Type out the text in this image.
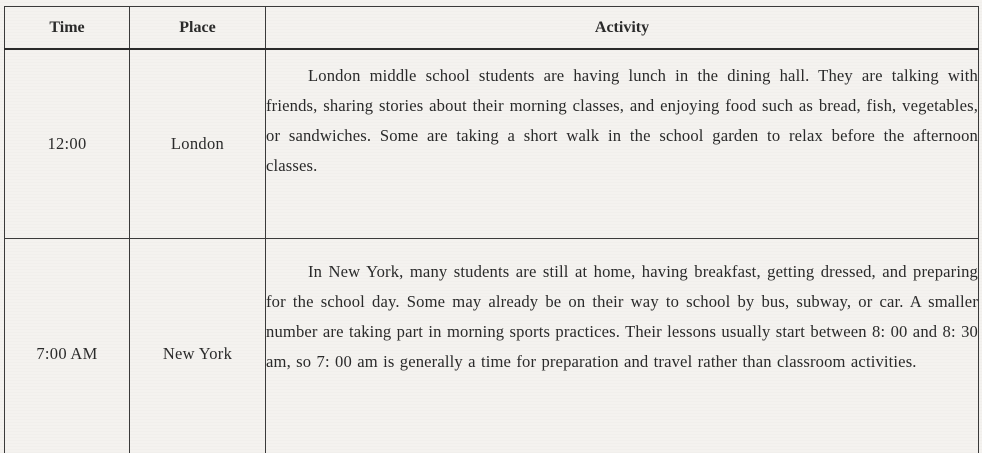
Time	Place	Activity
12:00	London	London middle school students are having lunch in the dining hall. They are talking with friends, sharing stories about their morning classes, and enjoying food such as bread, fish, vegetables, or sandwiches. Some are taking a short walk in the school garden to relax before the afternoon classes.

7:00 AM	New York	In New York, many students are still at home, having breakfast, getting dressed, and preparing for the school day. Some may already be on their way to school by bus, subway, or car. A smaller number are taking part in morning sports practices. Their lessons usually start between 8: 00 and 8: 30 am, so 7: 00 am is generally a time for preparation and travel rather than classroom activities.
